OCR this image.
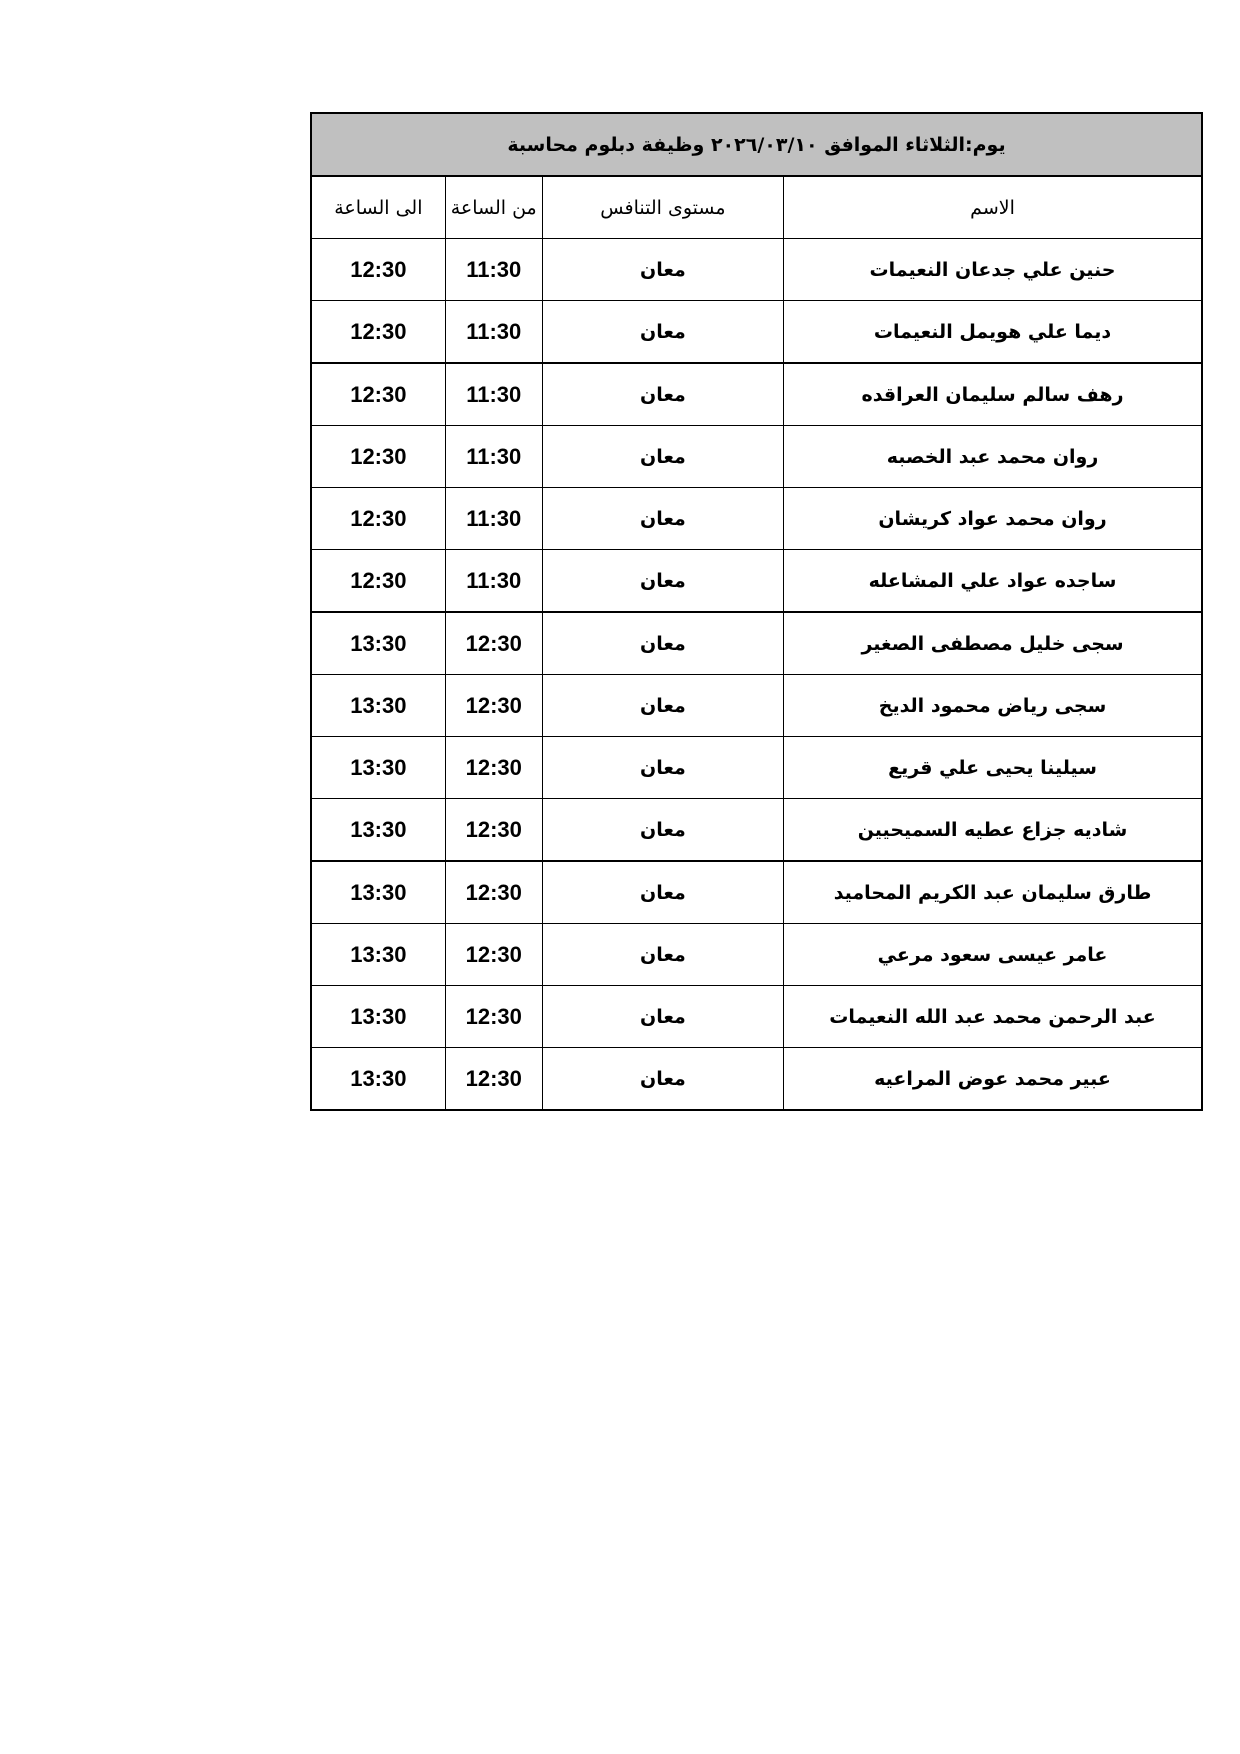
يوم:الثلاثاء الموافق ٢٠٢٦/٠٣/١٠ وظيفة دبلوم محاسبة			
الاسم	مستوى التنافس	من الساعة	الى الساعة
حنين علي جدعان النعيمات	معان	11:30	12:30
ديما علي هويمل النعيمات	معان	11:30	12:30
رهف سالم سليمان العراقده	معان	11:30	12:30
روان محمد عبد الخصبه	معان	11:30	12:30
روان محمد عواد كريشان	معان	11:30	12:30
ساجده عواد علي المشاعله	معان	11:30	12:30
سجى خليل مصطفى الصغير	معان	12:30	13:30
سجى رياض محمود الديخ	معان	12:30	13:30
سيلينا يحيى علي قريع	معان	12:30	13:30
شاديه جزاع عطيه السميحيين	معان	12:30	13:30
طارق سليمان عبد الكريم المحاميد	معان	12:30	13:30
عامر عيسى سعود مرعي	معان	12:30	13:30
عبد الرحمن محمد عبد الله النعيمات	معان	12:30	13:30
عبير محمد عوض المراعيه	معان	12:30	13:30
